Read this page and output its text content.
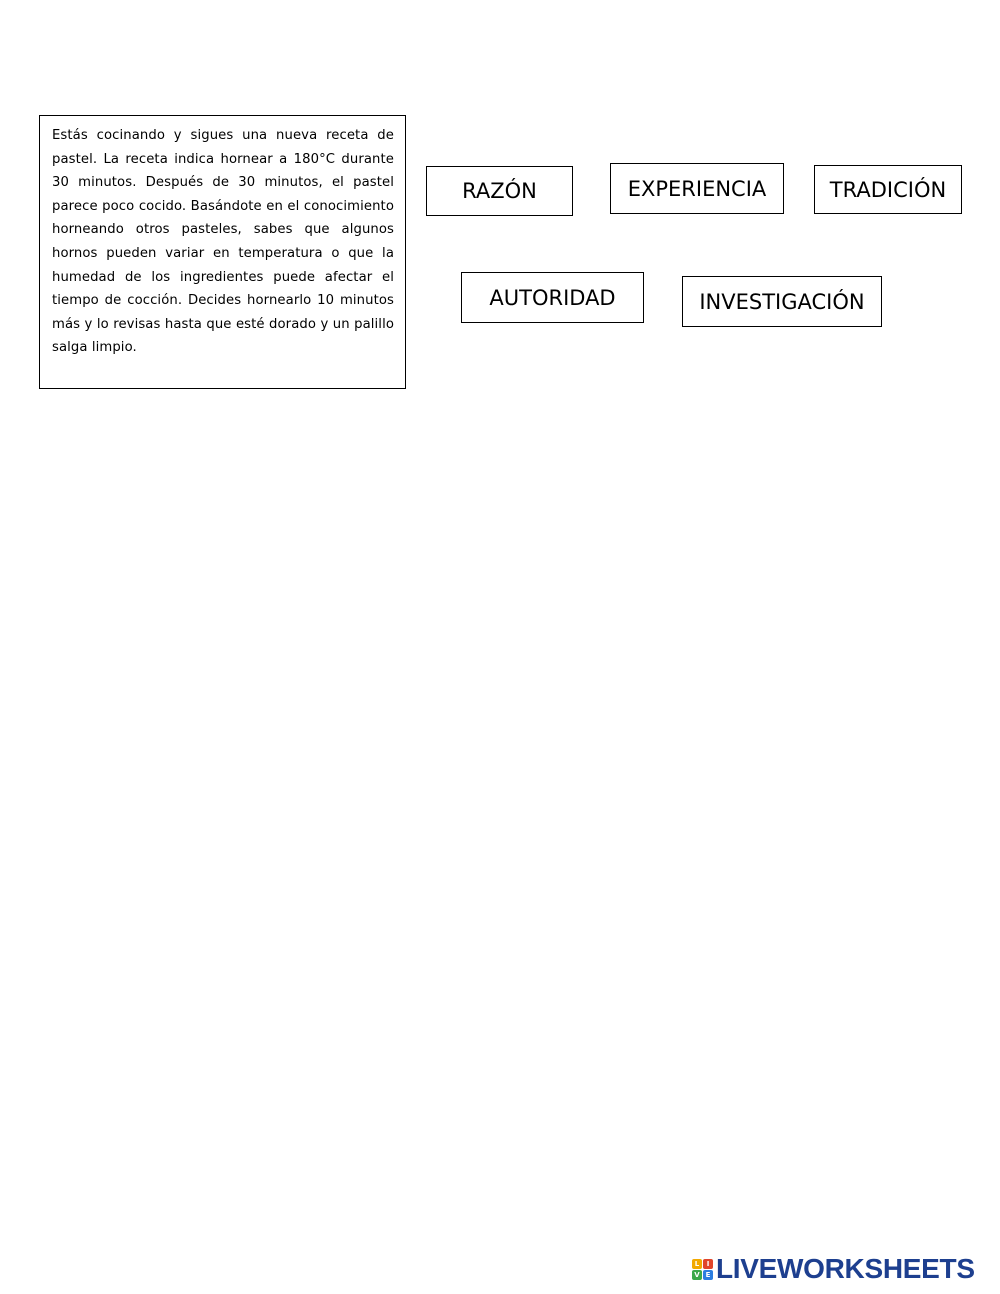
Estás cocinando y sigues una nueva receta de pastel. La receta indica hornear a 180°C durante 30 minutos. Después de 30 minutos, el pastel parece poco cocido. Basándote en el conocimiento horneando otros pasteles, sabes que algunos hornos pueden variar en temperatura o que la humedad de los ingredientes puede afectar el tiempo de cocción. Decides hornearlo 10 minutos más y lo revisas hasta que esté dorado y un palillo salga limpio.
RAZÓN	EXPERIENCIA	TRADICIÓN
AUTORIDAD	INVESTIGACIÓN
L	I
V E LIVEWORKSHEETS
